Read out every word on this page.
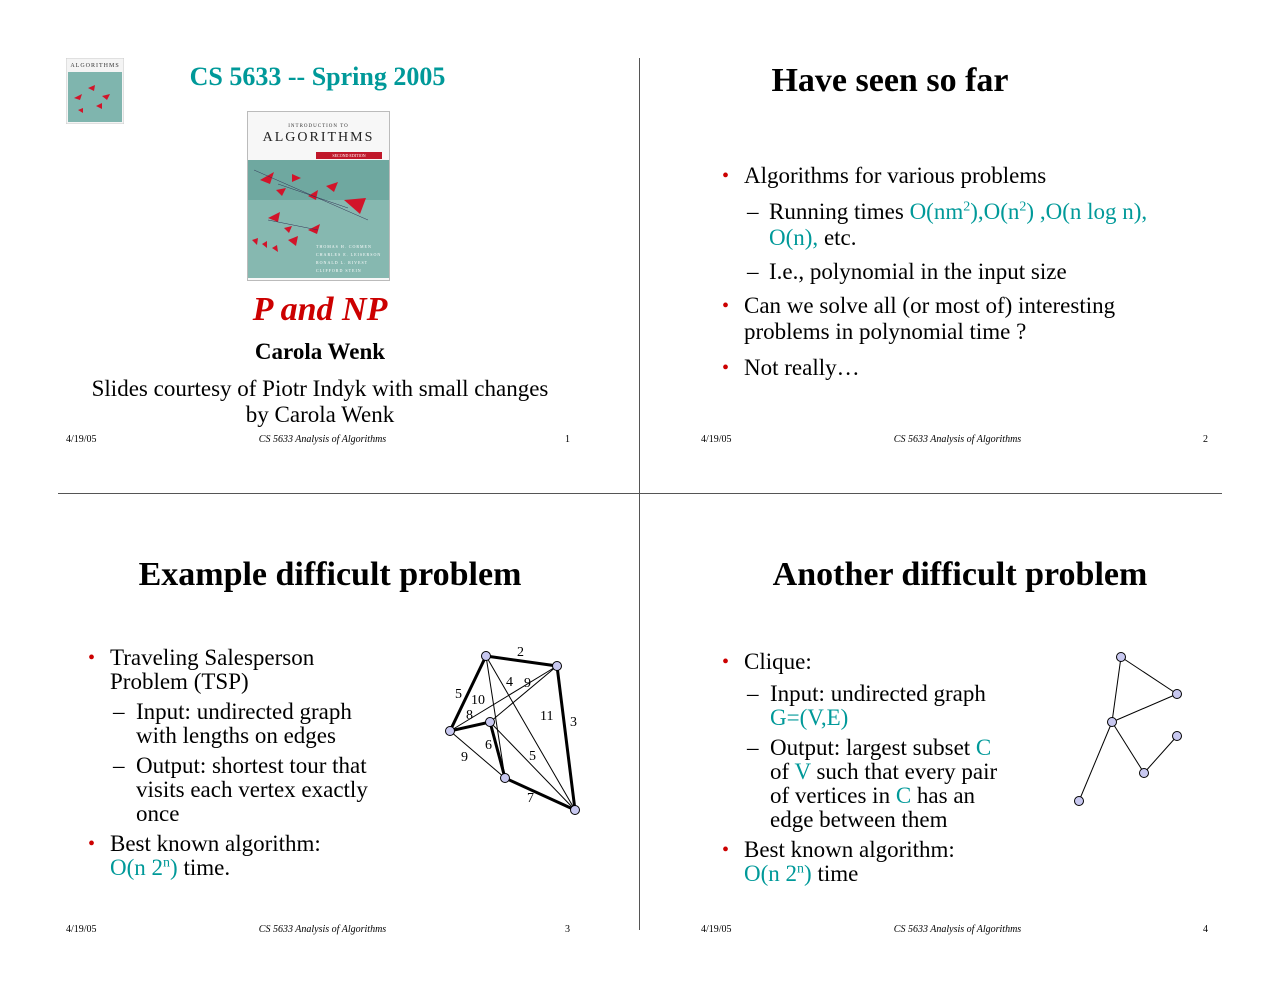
ALGORITHMS	CS 5633 -- Spring 2005
INTRODUCTION TO
ALGORITHMS
SECOND EDITION
THOMAS H. CORMEN
CHARLES E. LEISERSON
RONALD L. RIVEST
CLIFFORD STEIN
P and NP
Carola Wenk
Slides courtesy of Piotr Indyk with small changes
by Carola Wenk
4/19/05	CS 5633 Analysis of Algorithms	1
Have seen so far
• Algorithms for various problems
– Running times $O(nm^2),O(n^2)$ ,O(n log n),
O(n), etc.
– I.e., polynomial in the input size
• Can we solve all (or most of) interesting
problems in polynomial time ?
• Not really…
4/19/05	CS 5633 Analysis of Algorithms	2
Example difficult problem
• Traveling Salesperson
Problem (TSP)
– Input: undirected graph
with lengths on edges
– Output: shortest tour that
visits each vertex exactly
once
• Best known algorithm:
O(n 2$^n$) time.
2
4 9
5 10
11 3
8
6
5
9
7
4/19/05	CS 5633 Analysis of Algorithms	3
Another difficult problem
• Clique:
– Input: undirected graph
G=(V,E)
– Output: largest subset C
of V such that every pair
of vertices in C has an
edge between them
• Best known algorithm:
O(n 2$^n$) time
4/19/05	CS 5633 Analysis of Algorithms	4
